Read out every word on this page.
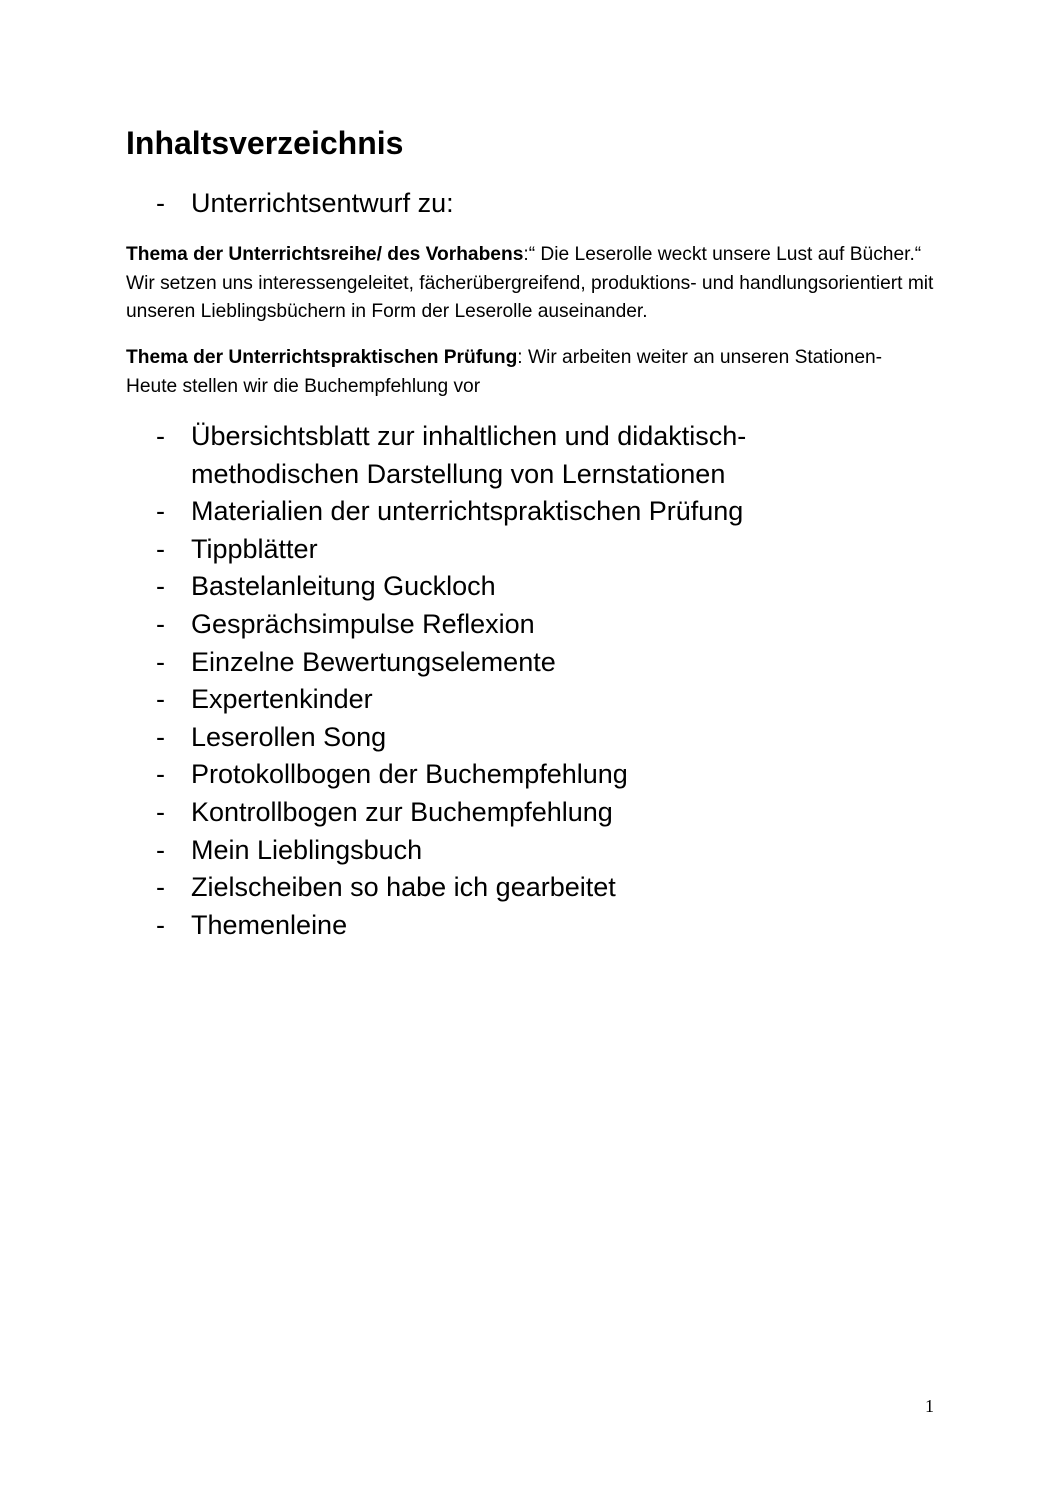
Inhaltsverzeichnis
- Unterrichtsentwurf zu:

Thema der Unterrichtsreihe/ des Vorhabens:“ Die Leserolle weckt unsere Lust auf Bücher.“ Wir setzen uns interessengeleitet, fächerübergreifend, produktions- und handlungsorientiert mit unseren Lieblingsbüchern in Form der Leserolle auseinander.

Thema der Unterrichtspraktischen Prüfung: Wir arbeiten weiter an unseren Stationen- Heute stellen wir die Buchempfehlung vor

- Übersichtsblatt zur inhaltlichen und didaktisch-methodischen Darstellung von Lernstationen
- Materialien der unterrichtspraktischen Prüfung
- Tippblätter
- Bastelanleitung Guckloch
- Gesprächsimpulse Reflexion
- Einzelne Bewertungselemente
- Expertenkinder
- Leserollen Song
- Protokollbogen der Buchempfehlung
- Kontrollbogen zur Buchempfehlung
- Mein Lieblingsbuch
- Zielscheiben so habe ich gearbeitet
- Themenleine
1
